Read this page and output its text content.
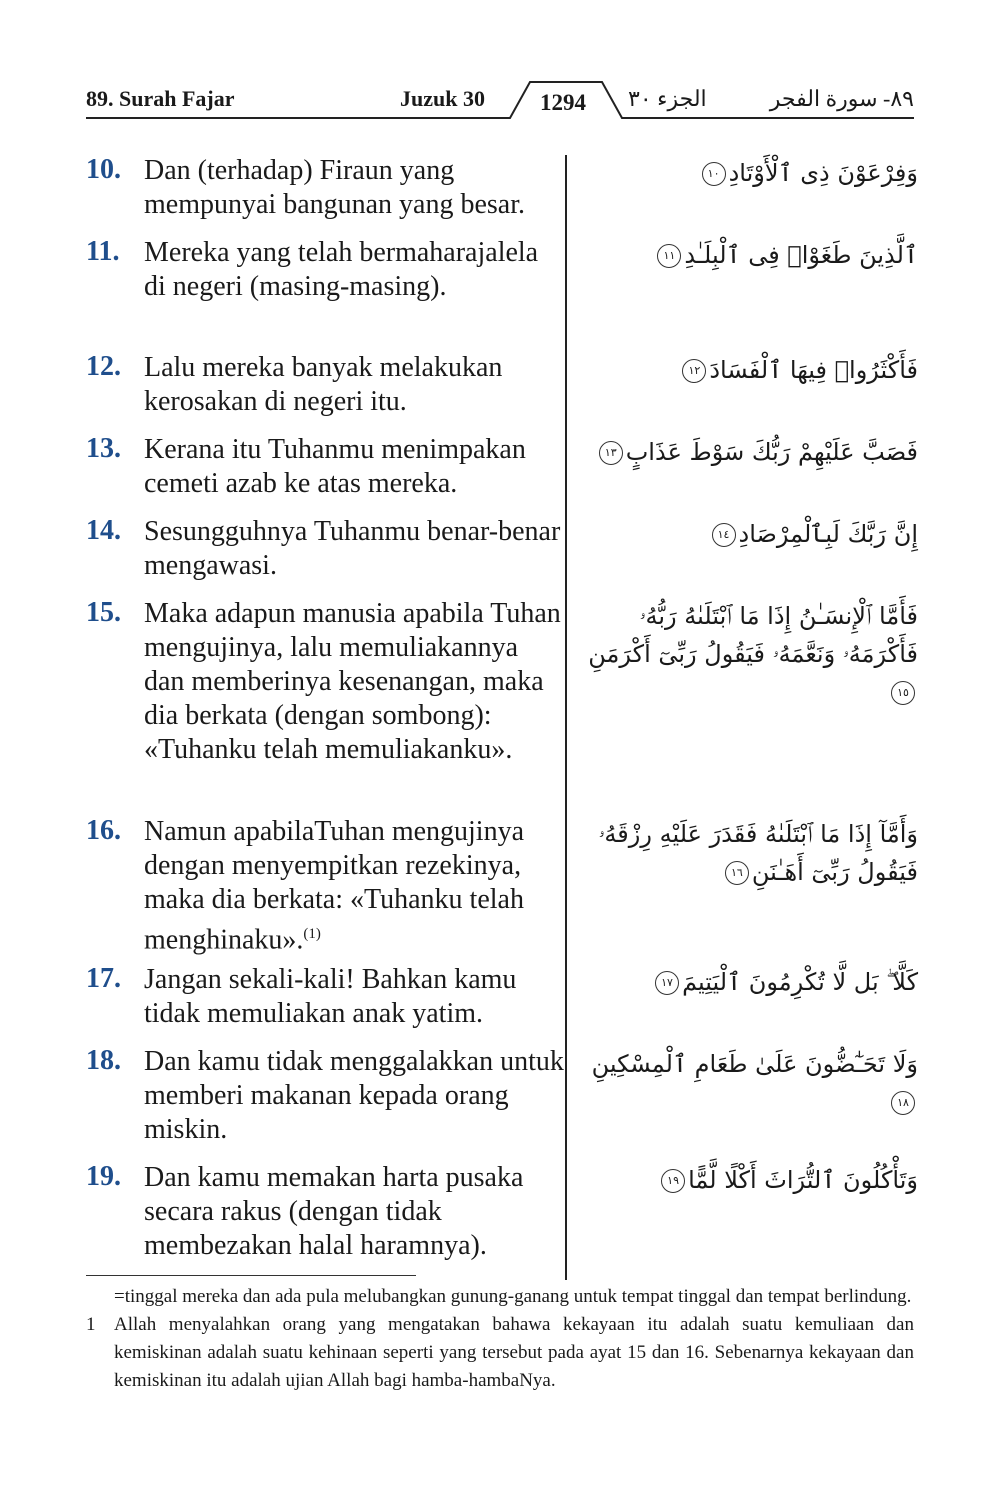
89. Surah Fajar	Juzuk 30 1294 الجزء ٣٠	٨٩- سورة الفجر
10. Dan (terhadap) Firaun yang mempunyai bangunan yang besar.
وَفِرْعَوْنَ ذِى ٱلْأَوْتَادِ١٠
11. Mereka yang telah bermaharajalela di negeri (masing-masing).
ٱلَّذِينَ طَغَوْا۟ فِى ٱلْبِلَـٰدِ١١
12. Lalu mereka banyak melakukan kerosakan di negeri itu.
فَأَكْثَرُوا۟ فِيهَا ٱلْفَسَادَ١٢
13. Kerana itu Tuhanmu menimpakan cemeti azab ke atas mereka.
فَصَبَّ عَلَيْهِمْ رَبُّكَ سَوْطَ عَذَابٍ١٣
14. Sesungguhnya Tuhanmu benar-benar mengawasi.
إِنَّ رَبَّكَ لَبِٱلْمِرْصَادِ١٤
15. Maka adapun manusia apabila Tuhan mengujinya, lalu memuliakannya dan memberinya kesenangan, maka dia berkata (dengan sombong): «Tuhanku telah memuliakanku».
فَأَمَّا ٱلْإِنسَـٰنُ إِذَا مَا ٱبْتَلَىٰهُ رَبُّهُۥ فَأَكْرَمَهُۥ وَنَعَّمَهُۥ فَيَقُولُ رَبِّىٓ أَكْرَمَنِ١٥
16. Namun apabilaTuhan mengujinya dengan menyempitkan rezekinya, maka dia berkata: «Tuhanku telah menghinaku».$^{(1)}$
وَأَمَّآ إِذَا مَا ٱبْتَلَىٰهُ فَقَدَرَ عَلَيْهِ رِزْقَهُۥ فَيَقُولُ رَبِّىٓ أَهَـٰنَنِ١٦
17. Jangan sekali-kali! Bahkan kamu tidak memuliakan anak yatim.
كَلَّا ۖ بَل لَّا تُكْرِمُونَ ٱلْيَتِيمَ١٧
18. Dan kamu tidak menggalakkan untuk memberi makanan kepada orang miskin.
وَلَا تَحَـٰٓضُّونَ عَلَىٰ طَعَامِ ٱلْمِسْكِينِ١٨
19. Dan kamu memakan harta pusaka secara rakus (dengan tidak membezakan halal haramnya).
وَتَأْكُلُونَ ٱلتُّرَاثَ أَكْلًا لَّمًّا١٩
=tinggal mereka dan ada pula melubangkan gunung-ganang untuk tempat tinggal dan tempat berlindung.
1 Allah menyalahkan orang yang mengatakan bahawa kekayaan itu adalah suatu kemuliaan dan kemiskinan adalah suatu kehinaan seperti yang tersebut pada ayat 15 dan 16. Sebenarnya kekayaan dan kemiskinan itu adalah ujian Allah bagi hamba-hambaNya.
